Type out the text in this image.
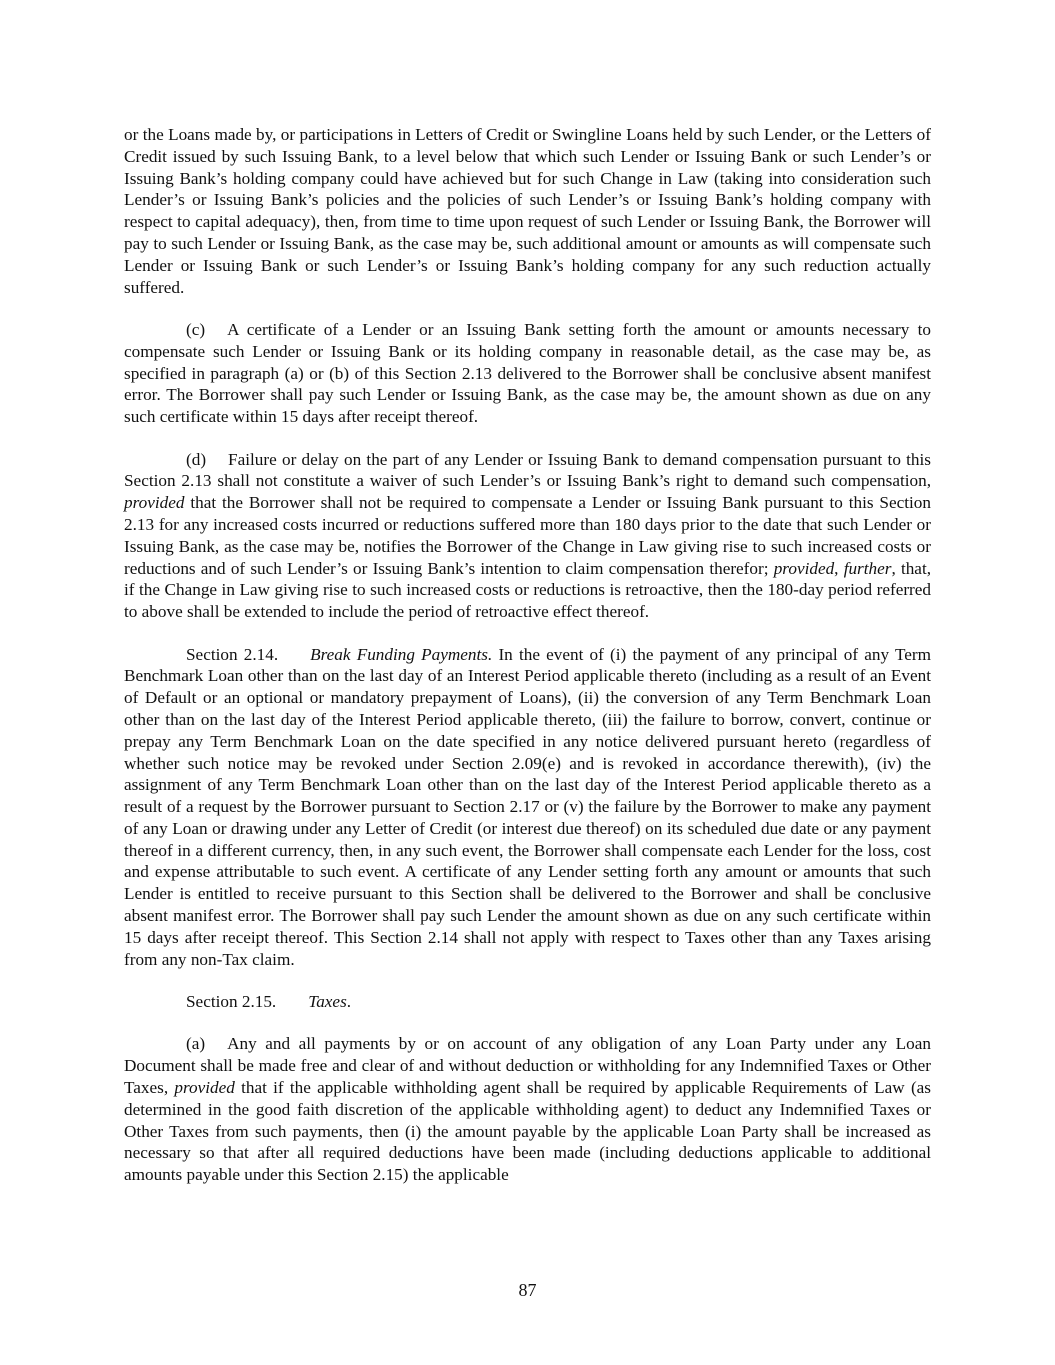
or the Loans made by, or participations in Letters of Credit or Swingline Loans held by such Lender, or the Letters of Credit issued by such Issuing Bank, to a level below that which such Lender or Issuing Bank or such Lender’s or Issuing Bank’s holding company could have achieved but for such Change in Law (taking into consideration such Lender’s or Issuing Bank’s policies and the policies of such Lender’s or Issuing Bank’s holding company with respect to capital adequacy), then, from time to time upon request of such Lender or Issuing Bank, the Borrower will pay to such Lender or Issuing Bank, as the case may be, such additional amount or amounts as will compensate such Lender or Issuing Bank or such Lender’s or Issuing Bank’s holding company for any such reduction actually suffered.

(c) A certificate of a Lender or an Issuing Bank setting forth the amount or amounts necessary to compensate such Lender or Issuing Bank or its holding company in reasonable detail, as the case may be, as specified in paragraph (a) or (b) of this Section 2.13 delivered to the Borrower shall be conclusive absent manifest error. The Borrower shall pay such Lender or Issuing Bank, as the case may be, the amount shown as due on any such certificate within 15 days after receipt thereof.

(d) Failure or delay on the part of any Lender or Issuing Bank to demand compensation pursuant to this Section 2.13 shall not constitute a waiver of such Lender’s or Issuing Bank’s right to demand such compensation, provided that the Borrower shall not be required to compensate a Lender or Issuing Bank pursuant to this Section 2.13 for any increased costs incurred or reductions suffered more than 180 days prior to the date that such Lender or Issuing Bank, as the case may be, notifies the Borrower of the Change in Law giving rise to such increased costs or reductions and of such Lender’s or Issuing Bank’s intention to claim compensation therefor; provided, further, that, if the Change in Law giving rise to such increased costs or reductions is retroactive, then the 180-day period referred to above shall be extended to include the period of retroactive effect thereof.

Section 2.14. Break Funding Payments. In the event of (i) the payment of any principal of any Term Benchmark Loan other than on the last day of an Interest Period applicable thereto (including as a result of an Event of Default or an optional or mandatory prepayment of Loans), (ii) the conversion of any Term Benchmark Loan other than on the last day of the Interest Period applicable thereto, (iii) the failure to borrow, convert, continue or prepay any Term Benchmark Loan on the date specified in any notice delivered pursuant hereto (regardless of whether such notice may be revoked under Section 2.09(e) and is revoked in accordance therewith), (iv) the assignment of any Term Benchmark Loan other than on the last day of the Interest Period applicable thereto as a result of a request by the Borrower pursuant to Section 2.17 or (v) the failure by the Borrower to make any payment of any Loan or drawing under any Letter of Credit (or interest due thereof) on its scheduled due date or any payment thereof in a different currency, then, in any such event, the Borrower shall compensate each Lender for the loss, cost and expense attributable to such event. A certificate of any Lender setting forth any amount or amounts that such Lender is entitled to receive pursuant to this Section shall be delivered to the Borrower and shall be conclusive absent manifest error. The Borrower shall pay such Lender the amount shown as due on any such certificate within 15 days after receipt thereof. This Section 2.14 shall not apply with respect to Taxes other than any Taxes arising from any non-Tax claim.

Section 2.15. Taxes.

(a) Any and all payments by or on account of any obligation of any Loan Party under any Loan Document shall be made free and clear of and without deduction or withholding for any Indemnified Taxes or Other Taxes, provided that if the applicable withholding agent shall be required by applicable Requirements of Law (as determined in the good faith discretion of the applicable withholding agent) to deduct any Indemnified Taxes or Other Taxes from such payments, then (i) the amount payable by the applicable Loan Party shall be increased as necessary so that after all required deductions have been made (including deductions applicable to additional amounts payable under this Section 2.15) the applicable

87
